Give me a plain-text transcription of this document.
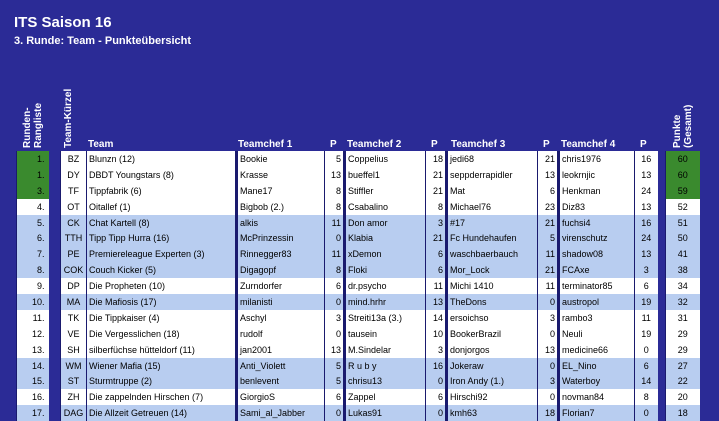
ITS Saison 16
3. Runde: Team - Punkteübersicht
Runden-Rangliste Team-Kürzel	Punkte (Gesamt)
Team	Teamchef 1	P Teamchef 2	P Teamchef 3	P Teamchef 4 P
1.		BZ	Blunzn (12)	Bookie	5	Coppelius	18	jedi68	21	chris1976	16		60
1.		DY	DBDT Youngstars (8)	Krasse	13	bueffel1	21	seppderrapidler	13	leokrnjic	13		60
3.		TF	Tippfabrik (6)	Mane17	8	Stiffler	21	Mat	6	Henkman	24		59
4.		OT	Oitallef (1)	Bigbob (2.)	8	Csabalino	8	Michael76	23	Diz83	13		52
5.		CK	Chat Kartell (8)	alkis	11	Don amor	3	#17	21	fuchsi4	16		51
6.		TTH	Tipp Tipp Hurra (16)	McPrinzessin	0	Klabia	21	Fc Hundehaufen	5	virenschutz	24		50
7.		PE	Premiereleague Experten (3)	Rinnegger83	11	xDemon	6	waschbaerbauch	11	shadow08	13		41
8.		COK	Couch Kicker (5)	Digagopf	8	Floki	6	Mor_Lock	21	FCAxe	3		38
9.		DP	Die Propheten (10)	Zurndorfer	6	dr.psycho	11	Michi 1410	11	terminator85	6		34
10.		MA	Die Mafiosis (17)	milanisti	0	mind.hrhr	13	TheDons	0	austropol	19		32
11.		TK	Die Tippkaiser (4)	Aschyl	3	Streiti13a (3.)	14	ersoichso	3	rambo3	11		31
12.		VE	Die Vergesslichen (18)	rudolf	0	tausein	10	BookerBrazil	0	Neuli	19		29
13.		SH	silberfüchse hütteldorf (11)	jan2001	13	M.Sindelar	3	donjorgos	13	medicine66	0		29
14.		WM	Wiener Mafia (15)	Anti_Violett	5	R u b y	16	Jokeraw	0	EL_Nino	6		27
15.		ST	Sturmtruppe (2)	benlevent	5	chrisu13	0	Iron Andy (1.)	3	Waterboy	14		22
16.		ZH	Die zappelnden Hirschen (7)	GiorgioS	6	Zappel	6	Hirschi92	0	novman84	8		20
17.		DAG	Die Allzeit Getreuen (14)	Sami_al_Jabber	0	Lukas91	0	kmh63	18	Florian7	0		18
